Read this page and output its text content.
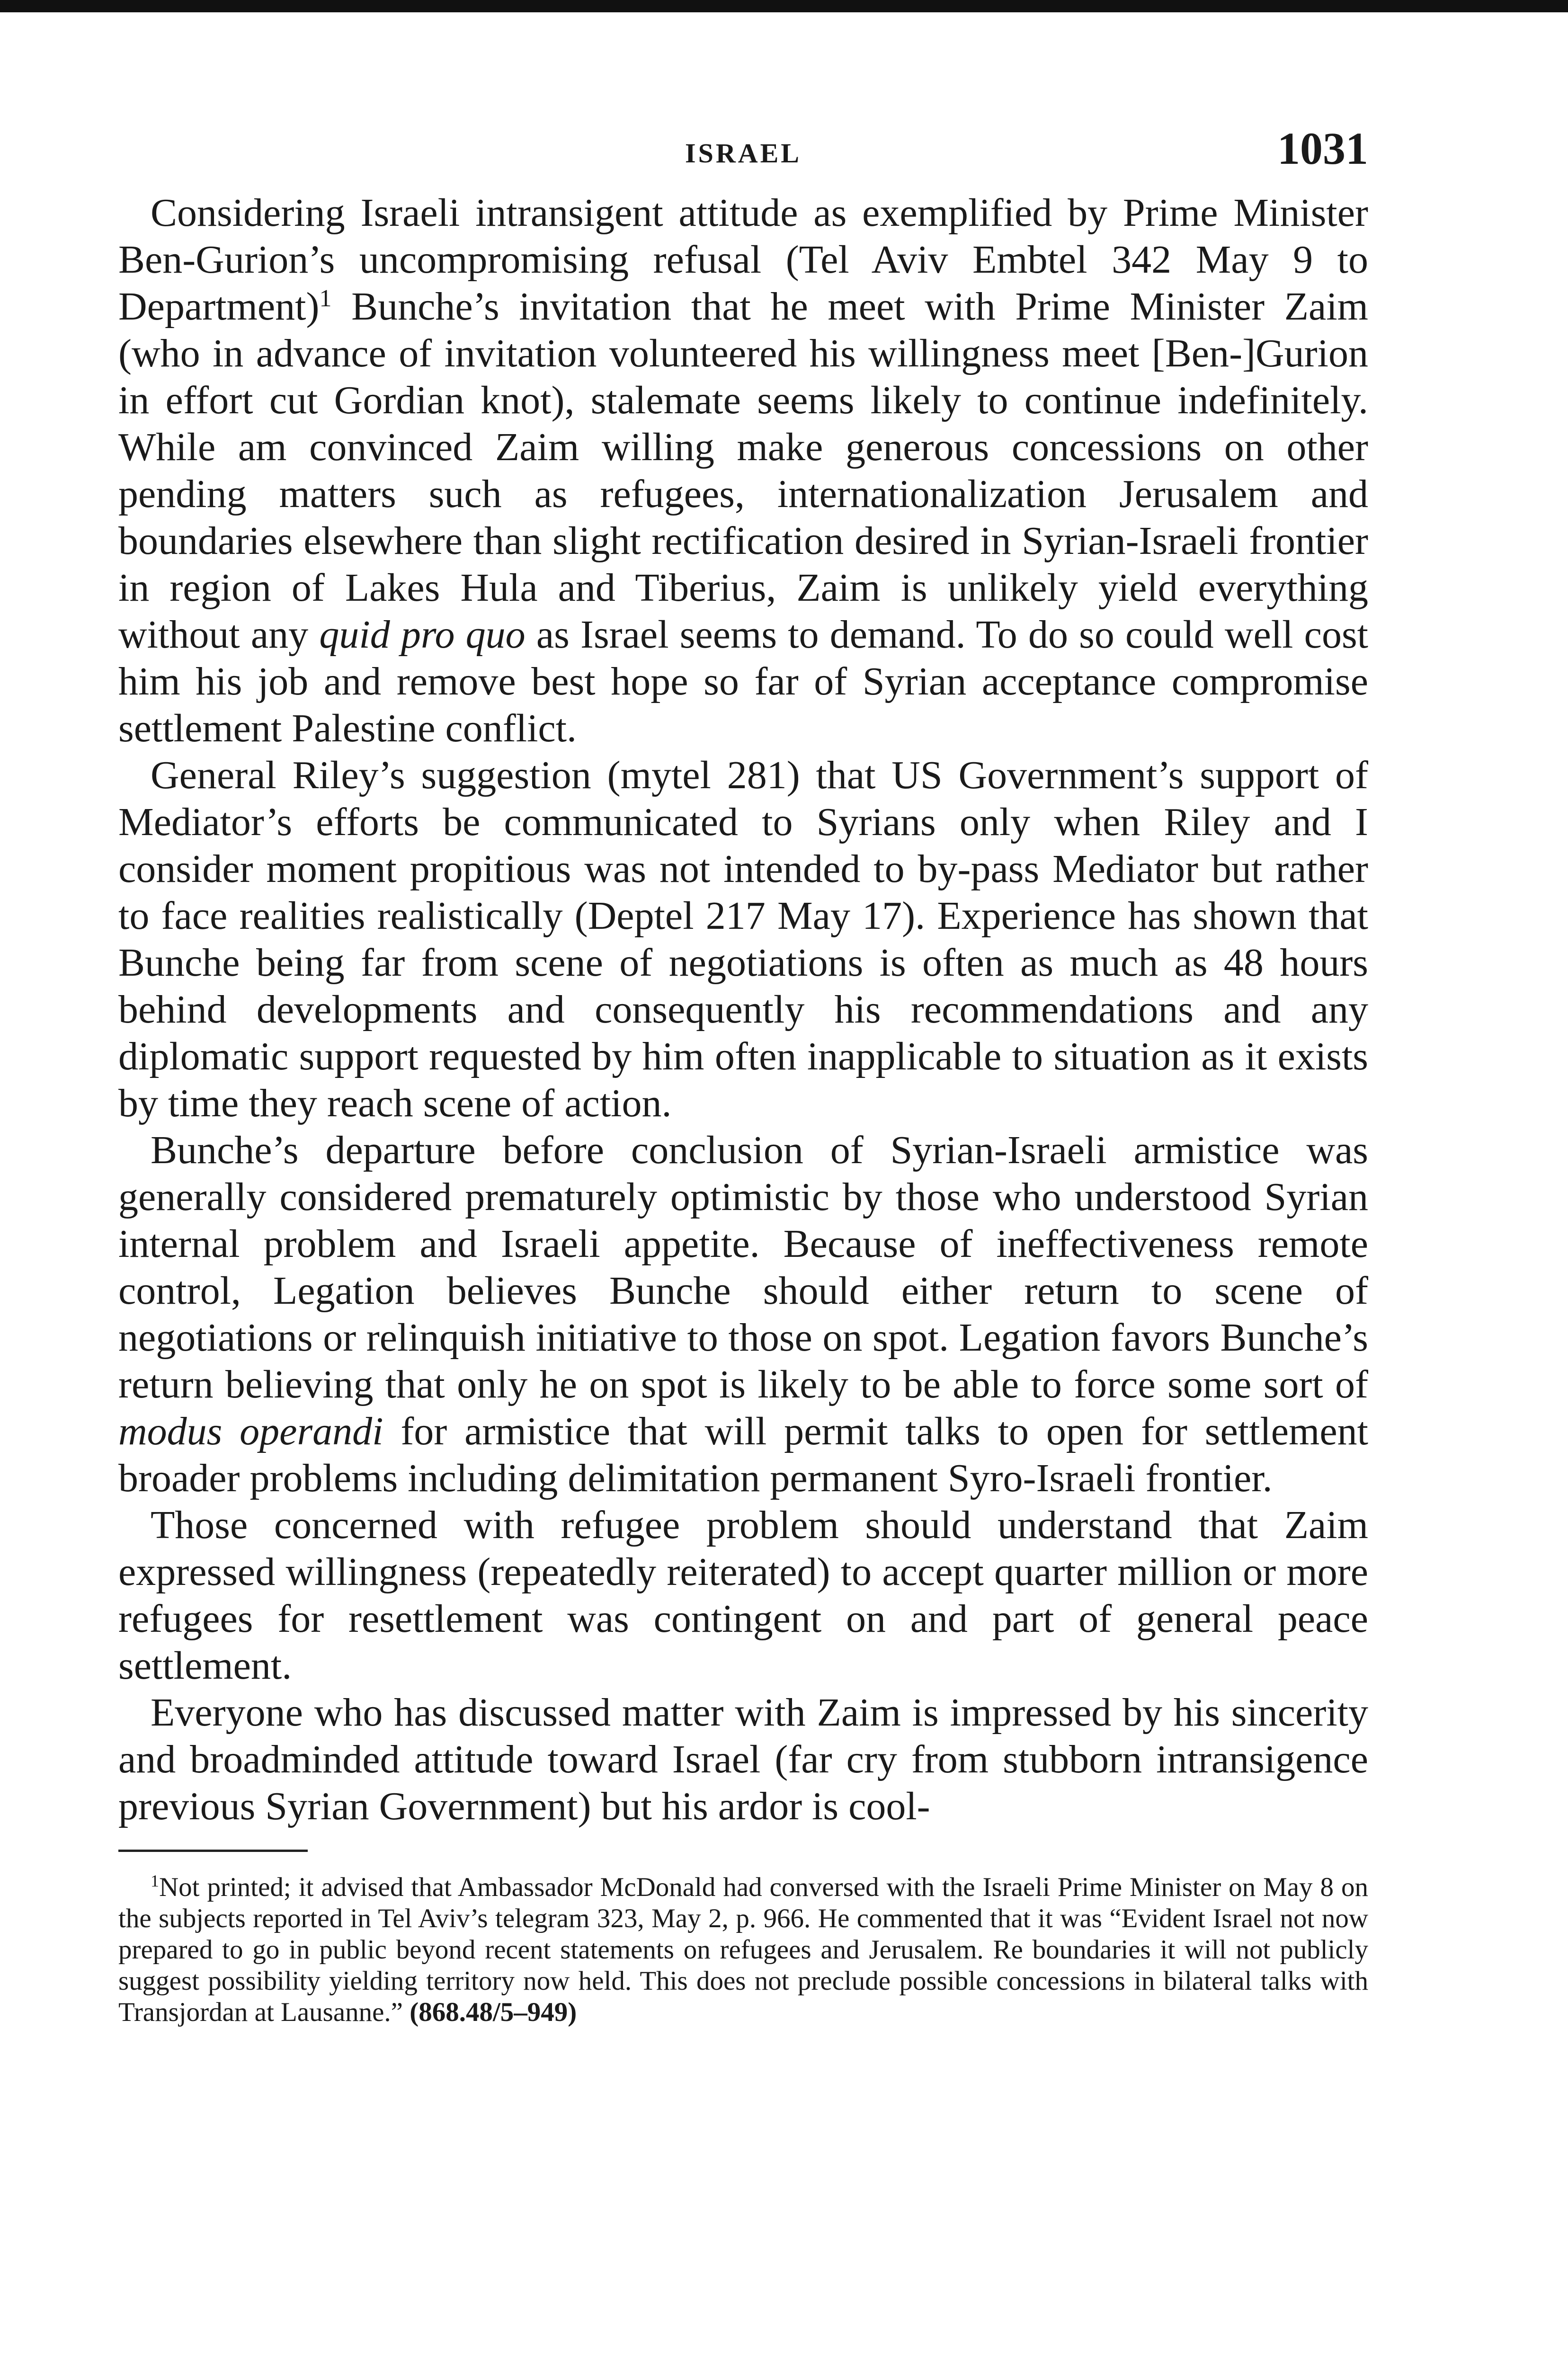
ISRAEL	1031

Considering Israeli intransigent attitude as exemplified by Prime Minister Ben-Gurion’s uncompromising refusal (Tel Aviv Embtel 342 May 9 to Department)$^1$ Bunche’s invitation that he meet with Prime Minister Zaim (who in advance of invitation volunteered his willingness meet [Ben-]Gurion in effort cut Gordian knot), stalemate seems likely to continue indefinitely. While am convinced Zaim willing make generous concessions on other pending matters such as refugees, internationalization Jerusalem and boundaries elsewhere than slight rectification desired in Syrian-Israeli frontier in region of Lakes Hula and Tiberius, Zaim is unlikely yield everything without any quid pro quo as Israel seems to demand. To do so could well cost him his job and remove best hope so far of Syrian acceptance compromise settlement Palestine conflict.

General Riley’s suggestion (mytel 281) that US Government’s support of Mediator’s efforts be communicated to Syrians only when Riley and I consider moment propitious was not intended to by-pass Mediator but rather to face realities realistically (Deptel 217 May 17). Experience has shown that Bunche being far from scene of negotiations is often as much as 48 hours behind developments and consequently his recommendations and any diplomatic support requested by him often inapplicable to situation as it exists by time they reach scene of action.

Bunche’s departure before conclusion of Syrian-Israeli armistice was generally considered prematurely optimistic by those who understood Syrian internal problem and Israeli appetite. Because of ineffectiveness remote control, Legation believes Bunche should either return to scene of negotiations or relinquish initiative to those on spot. Legation favors Bunche’s return believing that only he on spot is likely to be able to force some sort of modus operandi for armistice that will permit talks to open for settlement broader problems including delimitation permanent Syro-Israeli frontier.

Those concerned with refugee problem should understand that Zaim expressed willingness (repeatedly reiterated) to accept quarter million or more refugees for resettlement was contingent on and part of general peace settlement.

Everyone who has discussed matter with Zaim is impressed by his sincerity and broadminded attitude toward Israel (far cry from stubborn intransigence previous Syrian Government) but his ardor is cool-

$^1$Not printed; it advised that Ambassador McDonald had conversed with the Israeli Prime Minister on May 8 on the subjects reported in Tel Aviv’s telegram 323, May 2, p. 966. He commented that it was “Evident Israel not now prepared to go in public beyond recent statements on refugees and Jerusalem. Re boundaries it will not publicly suggest possibility yielding territory now held. This does not preclude possible concessions in bilateral talks with Transjordan at Lausanne.” (868.48/5–949)
